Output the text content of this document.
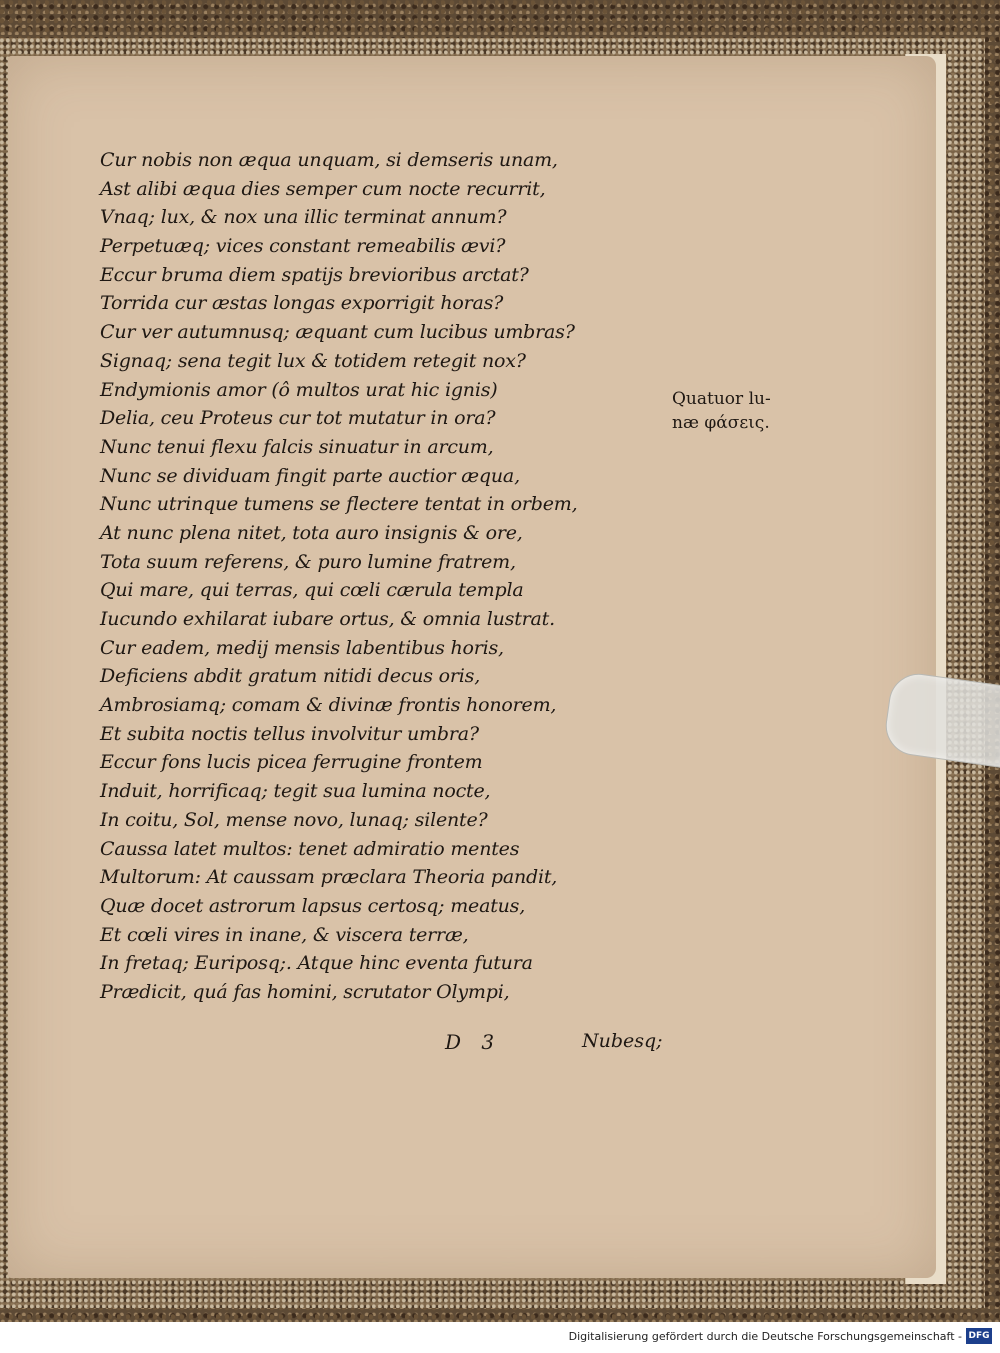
Cur nobis non æqua unquam, si demseris unam,
Ast alibi æqua dies semper cum nocte recurrit,
Vnaq; lux, & nox una illic terminat annum?
Perpetuæq; vices constant remeabilis ævi?
Eccur bruma diem spatijs brevioribus arctat?
Torrida cur æstas longas exporrigit horas?
Cur ver autumnusq; æquant cum lucibus umbras?
Signaq; sena tegit lux & totidem retegit nox?
Endymionis amor (ô multos urat hic ignis)
Delia, ceu Proteus cur tot mutatur in ora?
Nunc tenui flexu falcis sinuatur in arcum,
Nunc se dividuam fingit parte auctior æqua,
Nunc utrinque tumens se flectere tentat in orbem,
At nunc plena nitet, tota auro insignis & ore,
Tota suum referens, & puro lumine fratrem,
Qui mare, qui terras, qui cœli cærula templa
Iucundo exhilarat iubare ortus, & omnia lustrat.
Cur eadem, medij mensis labentibus horis,
Deficiens abdit gratum nitidi decus oris,
Ambrosiamq; comam & divinæ frontis honorem,
Et subita noctis tellus involvitur umbra?
Eccur fons lucis picea ferrugine frontem
Induit, horrificaq; tegit sua lumina nocte,
In coitu, Sol, mense novo, lunaq; silente?
Caussa latet multos: tenet admiratio mentes
Multorum: At caussam præclara Theoria pandit,
Quæ docet astrorum lapsus certosq; meatus,
Et cœli vires in inane, & viscera terræ,
In fretaq; Euriposq;. Atque hinc eventa futura
Prædicit, quá fas homini, scrutator Olympi,
Quatuor lu-
næ φάσεις.
D 3	Nubesq;
Digitalisierung gefördert durch die Deutsche Forschungsgemeinschaft - DFG
